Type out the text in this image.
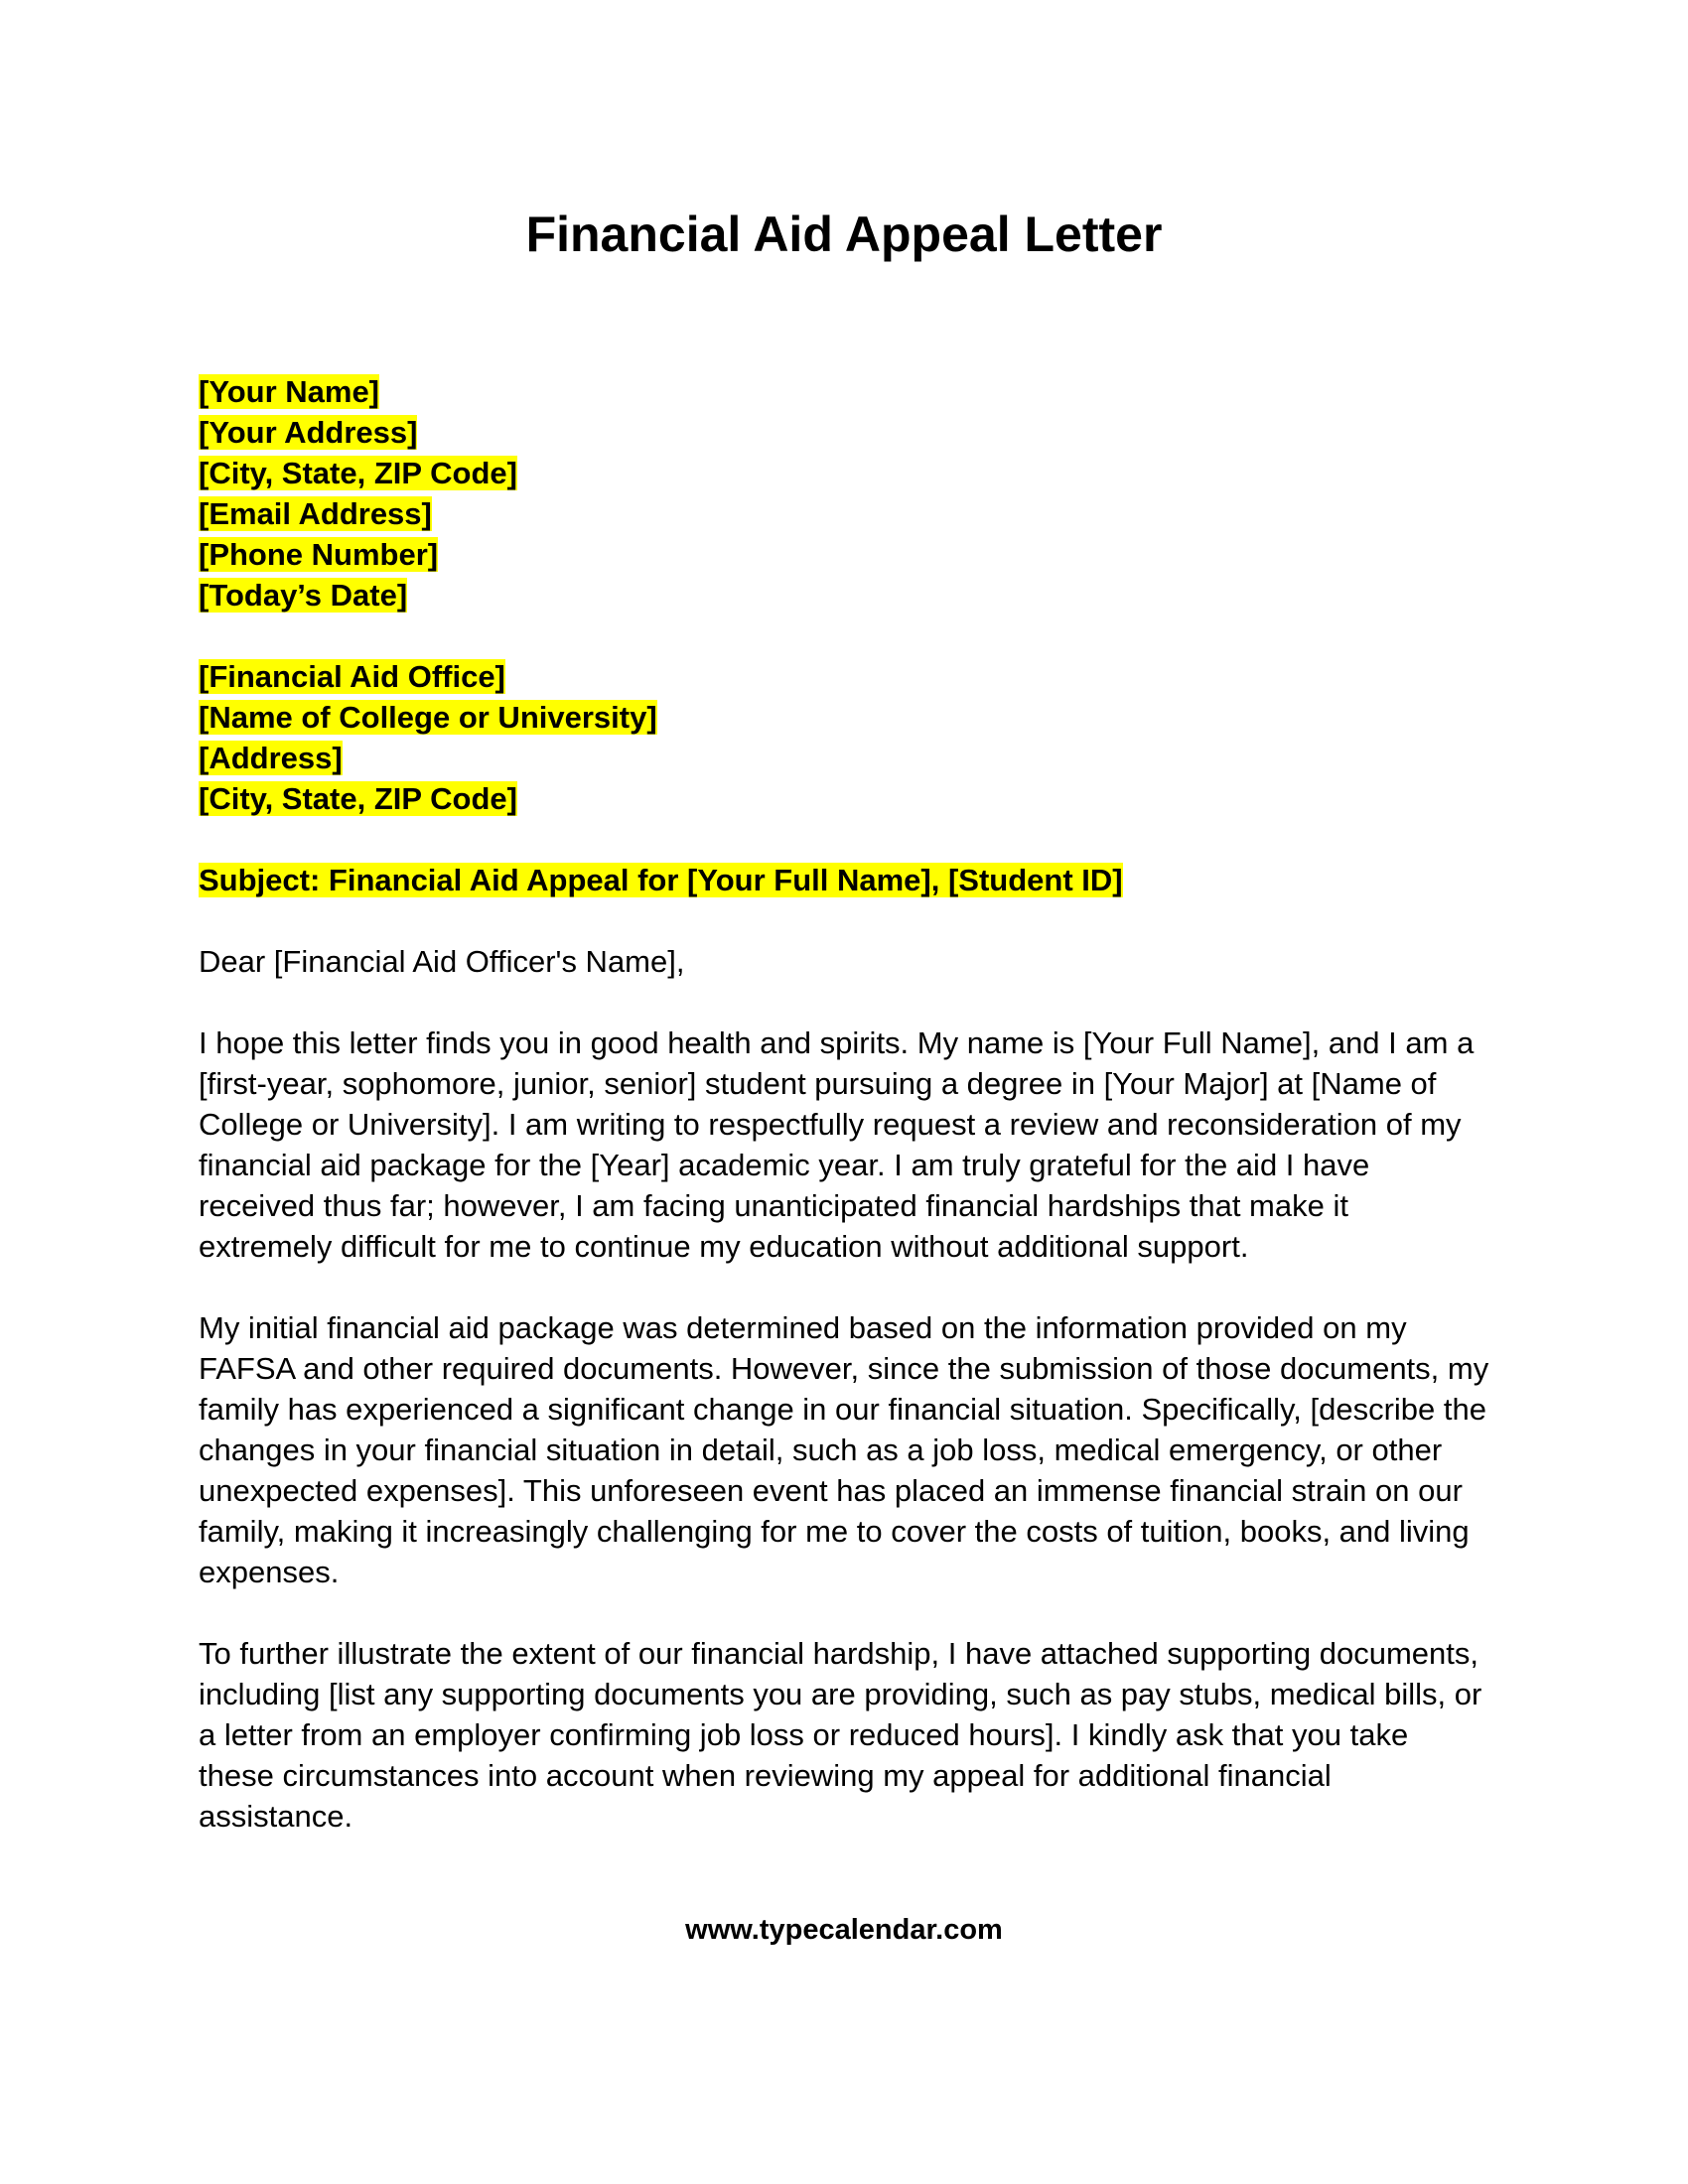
Financial Aid Appeal Letter
[Your Name]
[Your Address]
[City, State, ZIP Code]
[Email Address]
[Phone Number]
[Today’s Date]
[Financial Aid Office]
[Name of College or University]
[Address]
[City, State, ZIP Code]
Subject: Financial Aid Appeal for [Your Full Name], [Student ID]

Dear [Financial Aid Officer's Name],

I hope this letter finds you in good health and spirits. My name is [Your Full Name], and I am a [first-year, sophomore, junior, senior] student pursuing a degree in [Your Major] at [Name of College or University]. I am writing to respectfully request a review and reconsideration of my financial aid package for the [Year] academic year. I am truly grateful for the aid I have received thus far; however, I am facing unanticipated financial hardships that make it extremely difficult for me to continue my education without additional support.

My initial financial aid package was determined based on the information provided on my FAFSA and other required documents. However, since the submission of those documents, my family has experienced a significant change in our financial situation. Specifically, [describe the changes in your financial situation in detail, such as a job loss, medical emergency, or other unexpected expenses]. This unforeseen event has placed an immense financial strain on our family, making it increasingly challenging for me to cover the costs of tuition, books, and living expenses.

To further illustrate the extent of our financial hardship, I have attached supporting documents, including [list any supporting documents you are providing, such as pay stubs, medical bills, or a letter from an employer confirming job loss or reduced hours]. I kindly ask that you take these circumstances into account when reviewing my appeal for additional financial assistance.

www.typecalendar.com
